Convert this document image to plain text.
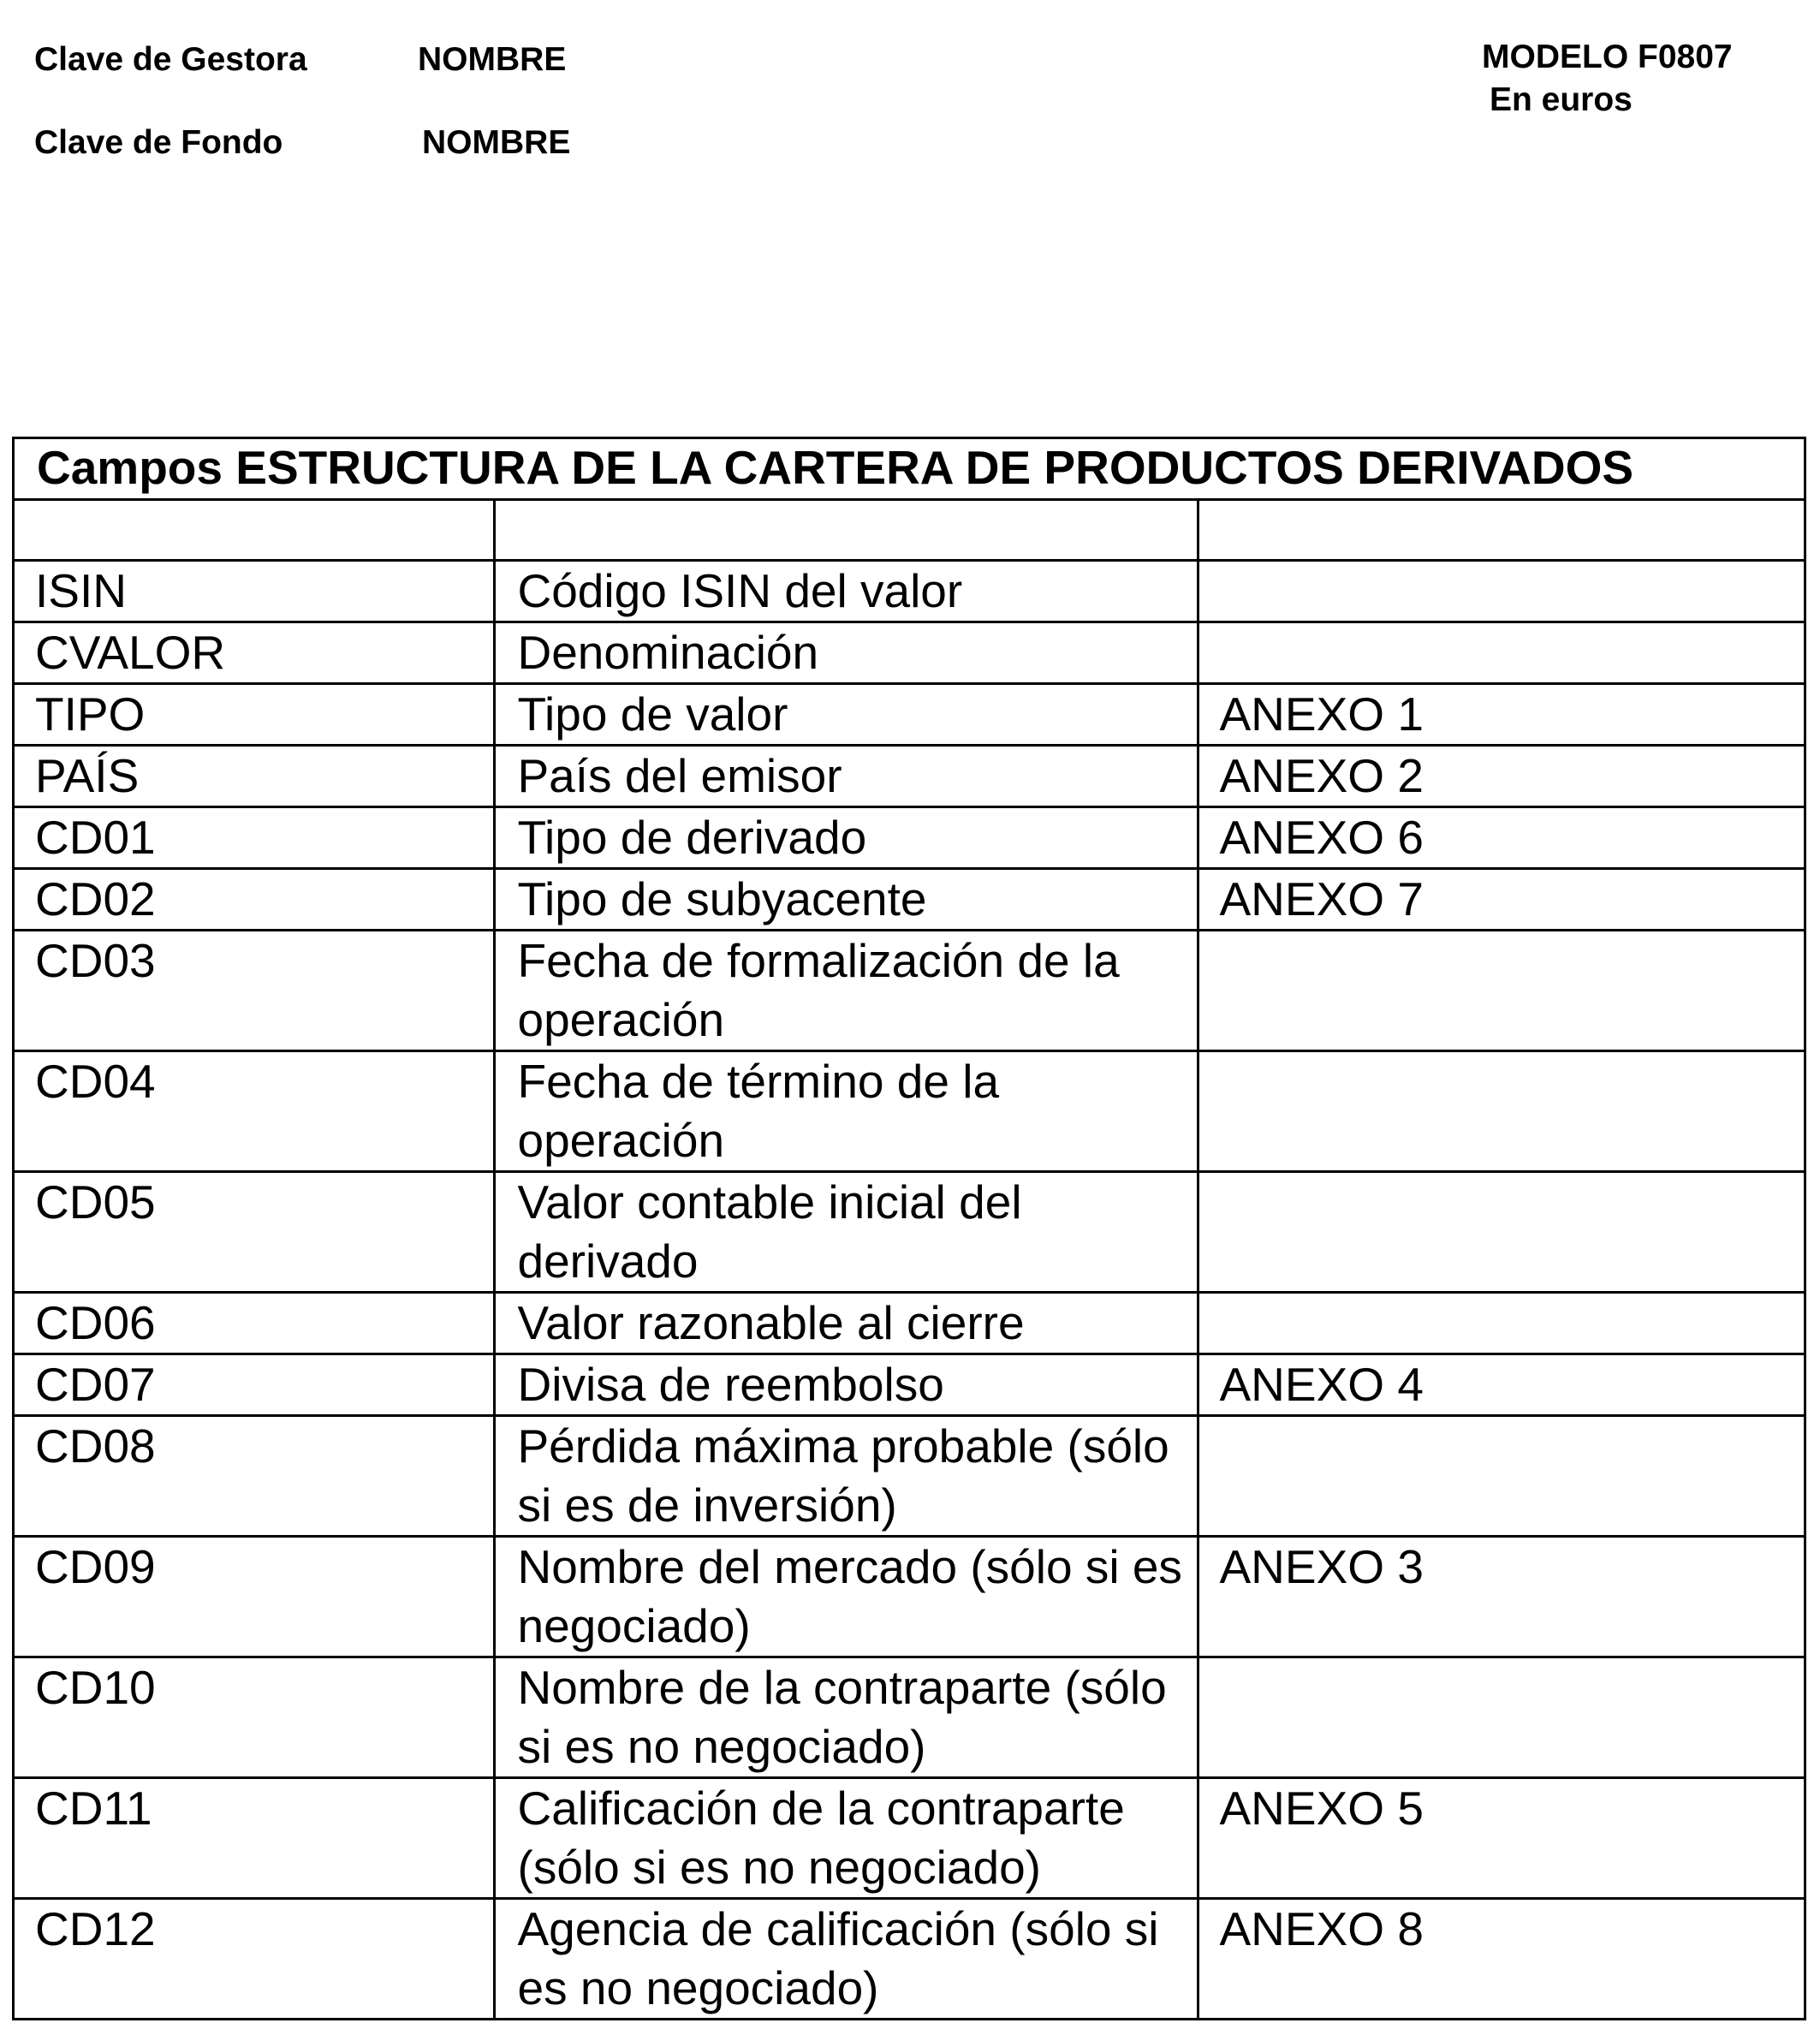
Clave de Gestora	NOMBRE
Clave de Fondo	NOMBRE
MODELO F0807
En euros
Campos ESTRUCTURA DE LA CARTERA DE PRODUCTOS DERIVADOS

ISIN	Código ISIN del valor	
CVALOR	Denominación	
TIPO	Tipo de valor	ANEXO 1
PAÍS	País del emisor	ANEXO 2
CD01	Tipo de derivado	ANEXO 6
CD02	Tipo de subyacente	ANEXO 7
CD03	Fecha de formalización de la operación	
CD04	Fecha de término de la operación	
CD05	Valor contable inicial del derivado	
CD06	Valor razonable al cierre	
CD07	Divisa de reembolso	ANEXO 4
CD08	Pérdida máxima probable (sólo si es de inversión)	
CD09	Nombre del mercado (sólo si es negociado)	ANEXO 3
CD10	Nombre de la contraparte (sólo si es no negociado)	
CD11	Calificación de la contraparte (sólo si es no negociado)	ANEXO 5
CD12	Agencia de calificación (sólo si es no negociado)	ANEXO 8
